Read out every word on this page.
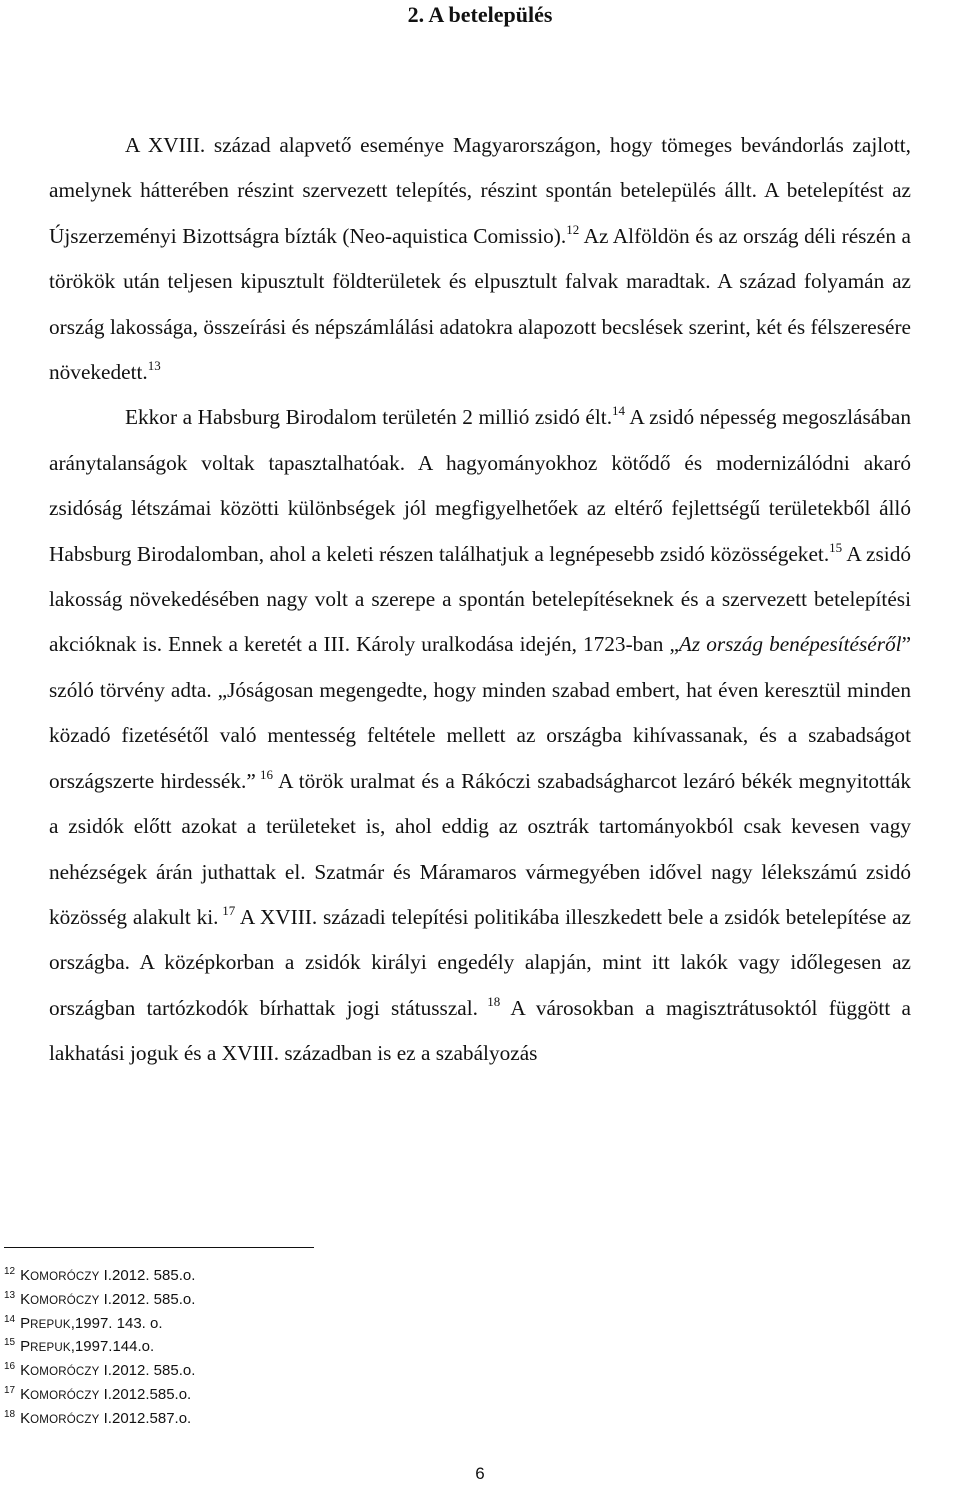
2. A betelepülés

A XVIII. század alapvető eseménye Magyarországon, hogy tömeges bevándorlás zajlott, amelynek hátterében részint szervezett telepítés, részint spontán betelepülés állt. A betelepítést az Újszerzeményi Bizottságra bízták (Neo-aquistica Comissio).$^{12}$ Az Alföldön és az ország déli részén a törökök után teljesen kipusztult földterületek és elpusztult falvak maradtak. A század folyamán az ország lakossága, összeírási és népszámlálási adatokra alapozott becslések szerint, két és félszeresére növekedett.$^{13}$

Ekkor a Habsburg Birodalom területén 2 millió zsidó élt.$^{14}$ A zsidó népesség megoszlásában aránytalanságok voltak tapasztalhatóak. A hagyományokhoz kötődő és modernizálódni akaró zsidóság létszámai közötti különbségek jól megfigyelhetőek az eltérő fejlettségű területekből álló Habsburg Birodalomban, ahol a keleti részen találhatjuk a legnépesebb zsidó közösségeket.$^{15}$ A zsidó lakosság növekedésében nagy volt a szerepe a spontán betelepítéseknek és a szervezett betelepítési akcióknak is. Ennek a keretét a III. Károly uralkodása idején, 1723-ban „Az ország benépesítéséről” szóló törvény adta. „Jóságosan megengedte, hogy minden szabad embert, hat éven keresztül minden közadó fizetésétől való mentesség feltétele mellett az országba kihívassanak, és a szabadságot országszerte hirdessék.” $^{16}$ A török uralmat és a Rákóczi szabadságharcot lezáró békék megnyitották a zsidók előtt azokat a területeket is, ahol eddig az osztrák tartományokból csak kevesen vagy nehézségek árán juthattak el. Szatmár és Máramaros vármegyében idővel nagy lélekszámú zsidó közösség alakult ki. $^{17}$ A XVIII. századi telepítési politikába illeszkedett bele a zsidók betelepítése az országba. A középkorban a zsidók királyi engedély alapján, mint itt lakók vagy időlegesen az országban tartózkodók bírhattak jogi státusszal. $^{18}$ A városokban a magisztrátusoktól függött a lakhatási joguk és a XVIII. században is ez a szabályozás

$^{12}$ KOMORÓCZY I.2012. 585.o.
$^{13}$ KOMORÓCZY I.2012. 585.o.
$^{14}$ PREPUK,1997. 143. o.
$^{15}$ PREPUK,1997.144.o.
$^{16}$ KOMORÓCZY I.2012. 585.o.
$^{17}$ KOMORÓCZY I.2012.585.o.
$^{18}$ KOMORÓCZY I.2012.587.o.
6
